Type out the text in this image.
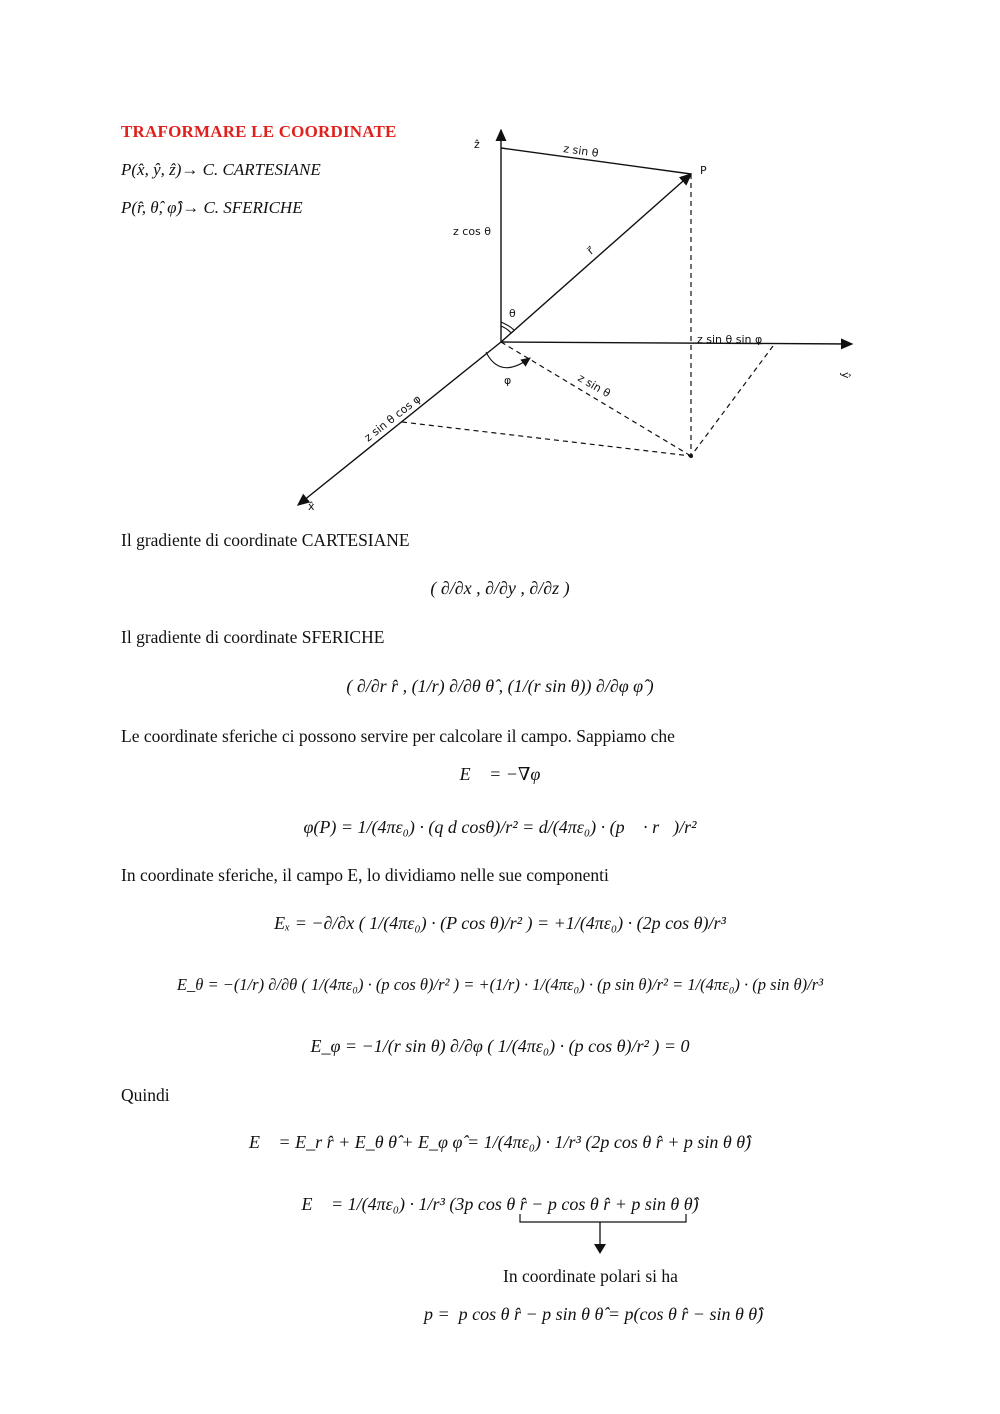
TRAFORMARE LE COORDINATE
P(x̂, ŷ, ẑ)→ C. CARTESIANE
P(r̂, θ̂, φ̂)→ C. SFERICHE
ẑ
ŷ
x̂
P
r⃗
θ
φ
z sin θ
z cos θ
z sin θ sin φ
z sin θ cos φ
z sin θ
Il gradiente di coordinate CARTESIANE
( ∂/∂x , ∂/∂y , ∂/∂z )
Il gradiente di coordinate SFERICHE
( ∂/∂r r̂ , (1/r) ∂/∂θ θ̂ , (1/(r sin θ)) ∂/∂φ φ̂ )
Le coordinate sferiche ci possono servire per calcolare il campo. Sappiamo che
E⃗ = −∇φ
φ(P) = 1/(4πε₀) · (q d cosθ)/r² = d/(4πε₀) · (p⃗ · r⃗)/r²
In coordinate sferiche, il campo E, lo dividiamo nelle sue componenti
Eₓ = −∂/∂x ( 1/(4πε₀) · (P cos θ)/r² ) = +1/(4πε₀) · (2p cos θ)/r³
E_θ = −(1/r) ∂/∂θ ( 1/(4πε₀) · (p cos θ)/r² ) = +(1/r) · 1/(4πε₀) · (p sin θ)/r² = 1/(4πε₀) · (p sin θ)/r³
E_φ = −1/(r sin θ) ∂/∂φ ( 1/(4πε₀) · (p cos θ)/r² ) = 0
Quindi
E⃗ = E_r r̂ + E_θ θ̂ + E_φ φ̂ = 1/(4πε₀) · 1/r³ (2p cos θ r̂ + p sin θ θ̂)
E⃗ = 1/(4πε₀) · 1/r³ (3p cos θ r̂ − p cos θ r̂ + p sin θ θ̂)
In coordinate polari si ha
p =  p cos θ r̂ − p sin θ θ̂ = p(cos θ r̂ − sin θ θ̂)
